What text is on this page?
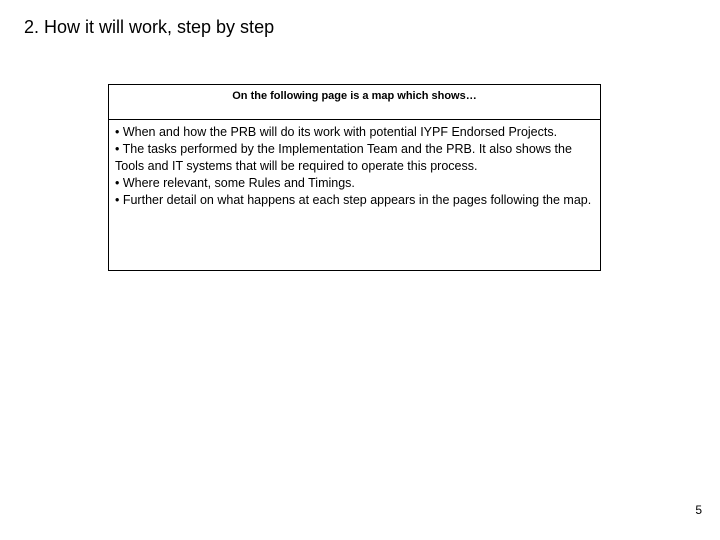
2. How it will work, step by step
On the following page is a map which shows…

• When and how the PRB will do its work with potential IYPF Endorsed Projects.

• The tasks performed by the Implementation Team and the PRB. It also shows the Tools and IT systems that will be required to operate this process.

• Where relevant, some Rules and Timings.

• Further detail on what happens at each step appears in the pages following the map.

5
